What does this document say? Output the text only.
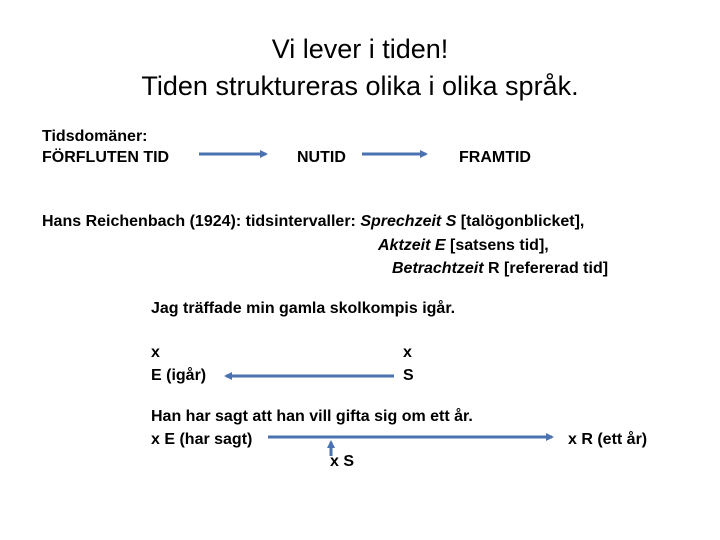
Vi lever i tiden!
Tiden struktureras olika i olika språk.
Tidsdomäner:
FÖRFLUTEN TID	NUTID	FRAMTID
Hans Reichenbach (1924): tidsintervaller: Sprechzeit S [talögonblicket],
Aktzeit E [satsens tid],
Betrachtzeit R [refererad tid]
Jag träffade min gamla skolkompis igår.
x
E (igår)
x
S
Han har sagt att han vill gifta sig om ett år.
x E (har sagt)	x R (ett år)
x S
